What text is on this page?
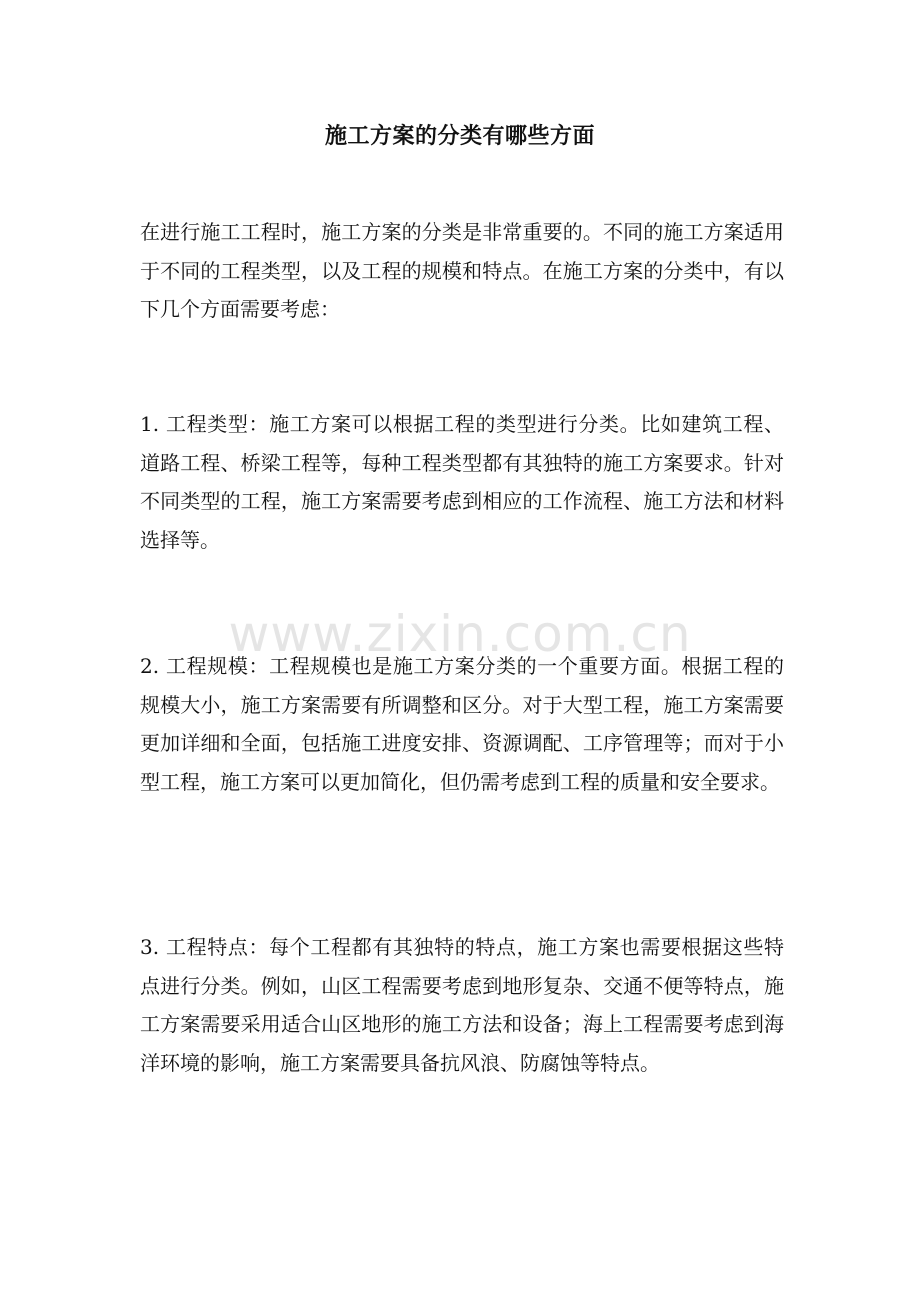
施工方案的分类有哪些方面
在进行施工工程时，施工方案的分类是非常重要的。不同的施工方案适用于不同的工程类型，以及工程的规模和特点。在施工方案的分类中，有以下几个方面需要考虑：
1. 工程类型：施工方案可以根据工程的类型进行分类。比如建筑工程、道路工程、桥梁工程等，每种工程类型都有其独特的施工方案要求。针对不同类型的工程，施工方案需要考虑到相应的工作流程、施工方法和材料选择等。
2. 工程规模：工程规模也是施工方案分类的一个重要方面。根据工程的规模大小，施工方案需要有所调整和区分。对于大型工程，施工方案需要更加详细和全面，包括施工进度安排、资源调配、工序管理等；而对于小型工程，施工方案可以更加简化，但仍需考虑到工程的质量和安全要求。
3. 工程特点：每个工程都有其独特的特点，施工方案也需要根据这些特点进行分类。例如，山区工程需要考虑到地形复杂、交通不便等特点，施工方案需要采用适合山区地形的施工方法和设备；海上工程需要考虑到海洋环境的影响，施工方案需要具备抗风浪、防腐蚀等特点。
www.zixin.com.cn
